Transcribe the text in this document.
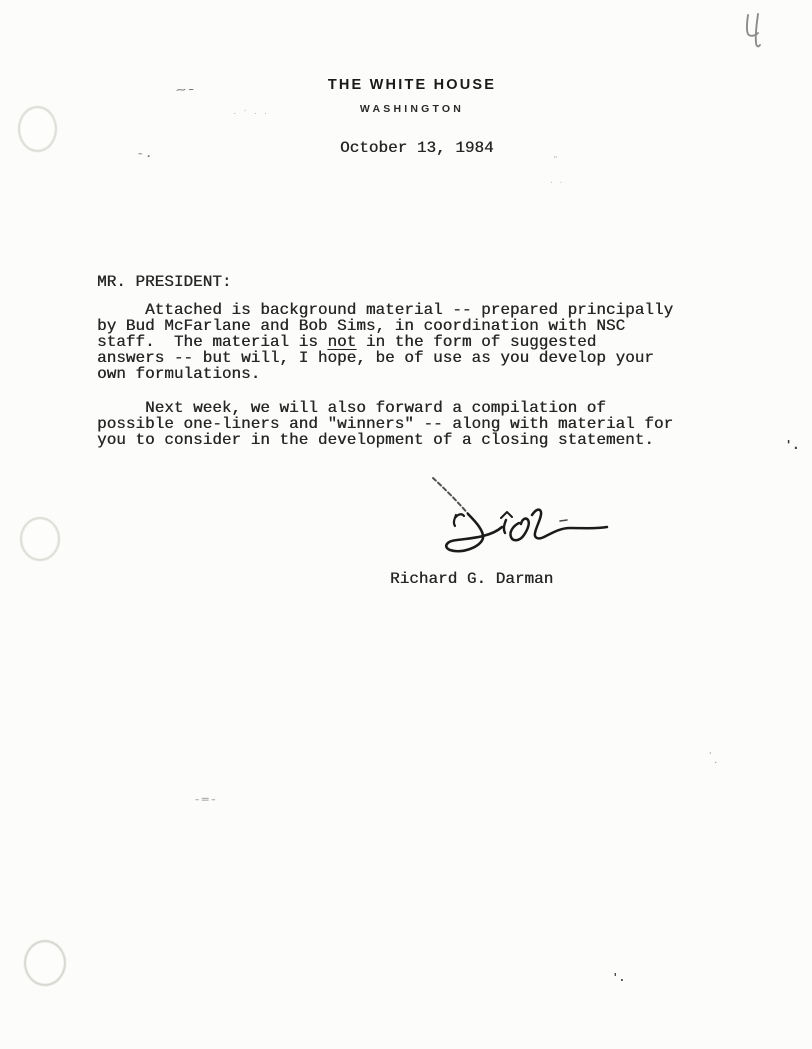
THE WHITE HOUSE
WASHINGTON
October 13, 1984
MR. PRESIDENT:
Attached is background material -- prepared principally
by Bud McFarlane and Bob Sims, in coordination with NSC
staff.  The material is not in the form of suggested
answers -- but will, I hope, be of use as you develop your
own formulations.
Next week, we will also forward a compilation of
possible one-liners and "winners" -- along with material for
you to consider in the development of a closing statement.
Richard G. Darman
~-
. ' . .
-.	"
. .
'.
. .
-=-
'.
